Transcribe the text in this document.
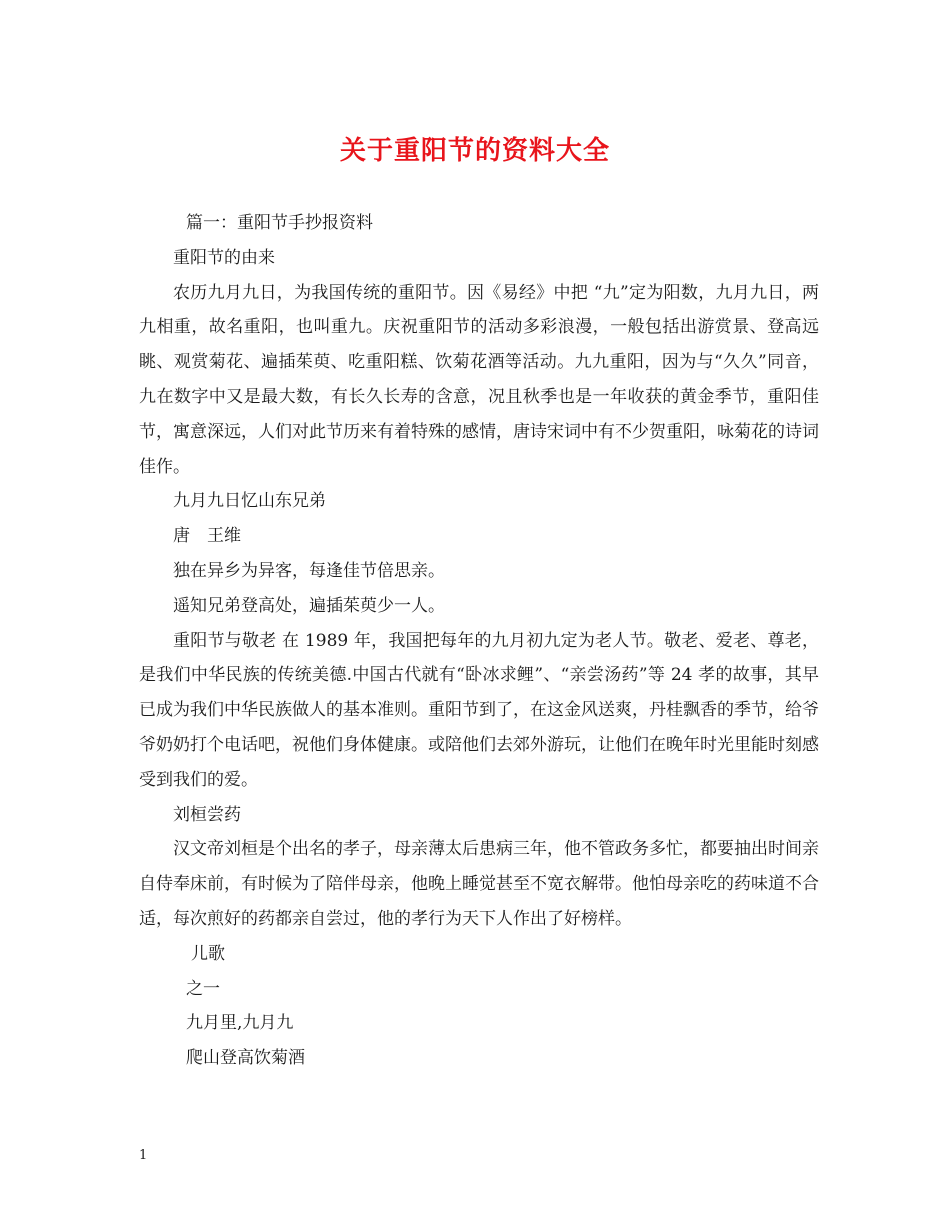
关于重阳节的资料大全

篇一：重阳节手抄报资料

重阳节的由来

农历九月九日，为我国传统的重阳节。因《易经》中把 “九”定为阳数，九月九日，两九相重，故名重阳，也叫重九。庆祝重阳节的活动多彩浪漫，一般包括出游赏景、登高远眺、观赏菊花、遍插茱萸、吃重阳糕、饮菊花酒等活动。九九重阳，因为与“久久”同音，九在数字中又是最大数，有长久长寿的含意，况且秋季也是一年收获的黄金季节，重阳佳节，寓意深远，人们对此节历来有着特殊的感情，唐诗宋词中有不少贺重阳，咏菊花的诗词佳作。

九月九日忆山东兄弟

唐　王维

独在异乡为异客，每逢佳节倍思亲。

遥知兄弟登高处，遍插茱萸少一人。

重阳节与敬老 在 1989 年，我国把每年的九月初九定为老人节。敬老、爱老、尊老，是我们中华民族的传统美德.中国古代就有“卧冰求鲤”、“亲尝汤药”等 24 孝的故事，其早已成为我们中华民族做人的基本准则。重阳节到了，在这金风送爽，丹桂飘香的季节，给爷爷奶奶打个电话吧，祝他们身体健康。或陪他们去郊外游玩，让他们在晚年时光里能时刻感受到我们的爱。

刘桓尝药

汉文帝刘桓是个出名的孝子，母亲薄太后患病三年，他不管政务多忙，都要抽出时间亲自侍奉床前，有时候为了陪伴母亲，他晚上睡觉甚至不宽衣解带。他怕母亲吃的药味道不合适，每次煎好的药都亲自尝过，他的孝行为天下人作出了好榜样。

儿歌

之一

九月里,九月九

爬山登高饮菊酒

1
